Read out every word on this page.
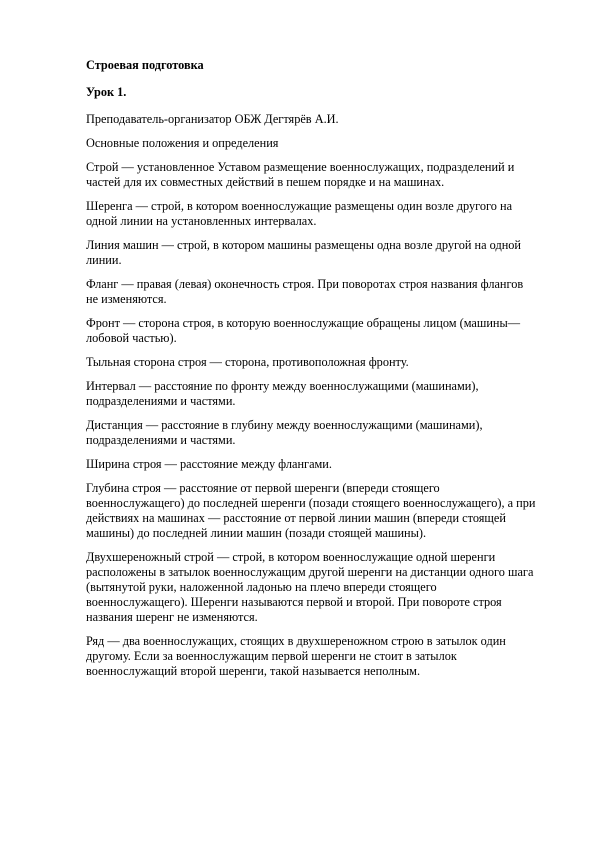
Строевая подготовка

Урок 1.

Преподаватель-организатор ОБЖ Дегтярёв А.И.

Основные положения и определения

Строй — установленное Уставом размещение военнослужащих, подразделений и частей для их совместных действий в пешем порядке и на машинах.

Шеренга — строй, в котором военнослужащие размещены один возле другого на одной линии на установленных интервалах.

Линия машин — строй, в котором машины размещены одна возле другой на одной линии.

Фланг — правая (левая) оконечность строя. При поворотах строя названия флангов не изменяются.

Фронт — сторона строя, в которую военнослужащие обращены лицом (машины—лобовой частью).

Тыльная сторона строя — сторона, противоположная фронту.

Интервал — расстояние по фронту между военнослужащими (машинами), подразделениями и частями.

Дистанция — расстояние в глубину между военнослужащими (машинами), подразделениями и частями.

Ширина строя — расстояние между флангами.

Глубина строя — расстояние от первой шеренги (впереди стоящего военнослужащего) до последней шеренги (позади стоящего военнослужащего), а при действиях на машинах — расстояние от первой линии машин (впереди стоящей машины) до последней линии машин (позади стоящей машины).

Двухшереножный строй — строй, в котором военнослужащие одной шеренги расположены в затылок военнослужащим другой шеренги на дистанции одного шага (вытянутой руки, наложенной ладонью на плечо впереди стоящего военнослужащего). Шеренги называются первой и второй. При повороте строя названия шеренг не изменяются.

Ряд — два военнослужащих, стоящих в двухшереножном строю в затылок один другому. Если за военнослужащим первой шеренги не стоит в затылок военнослужащий второй шеренги, такой называется неполным.
